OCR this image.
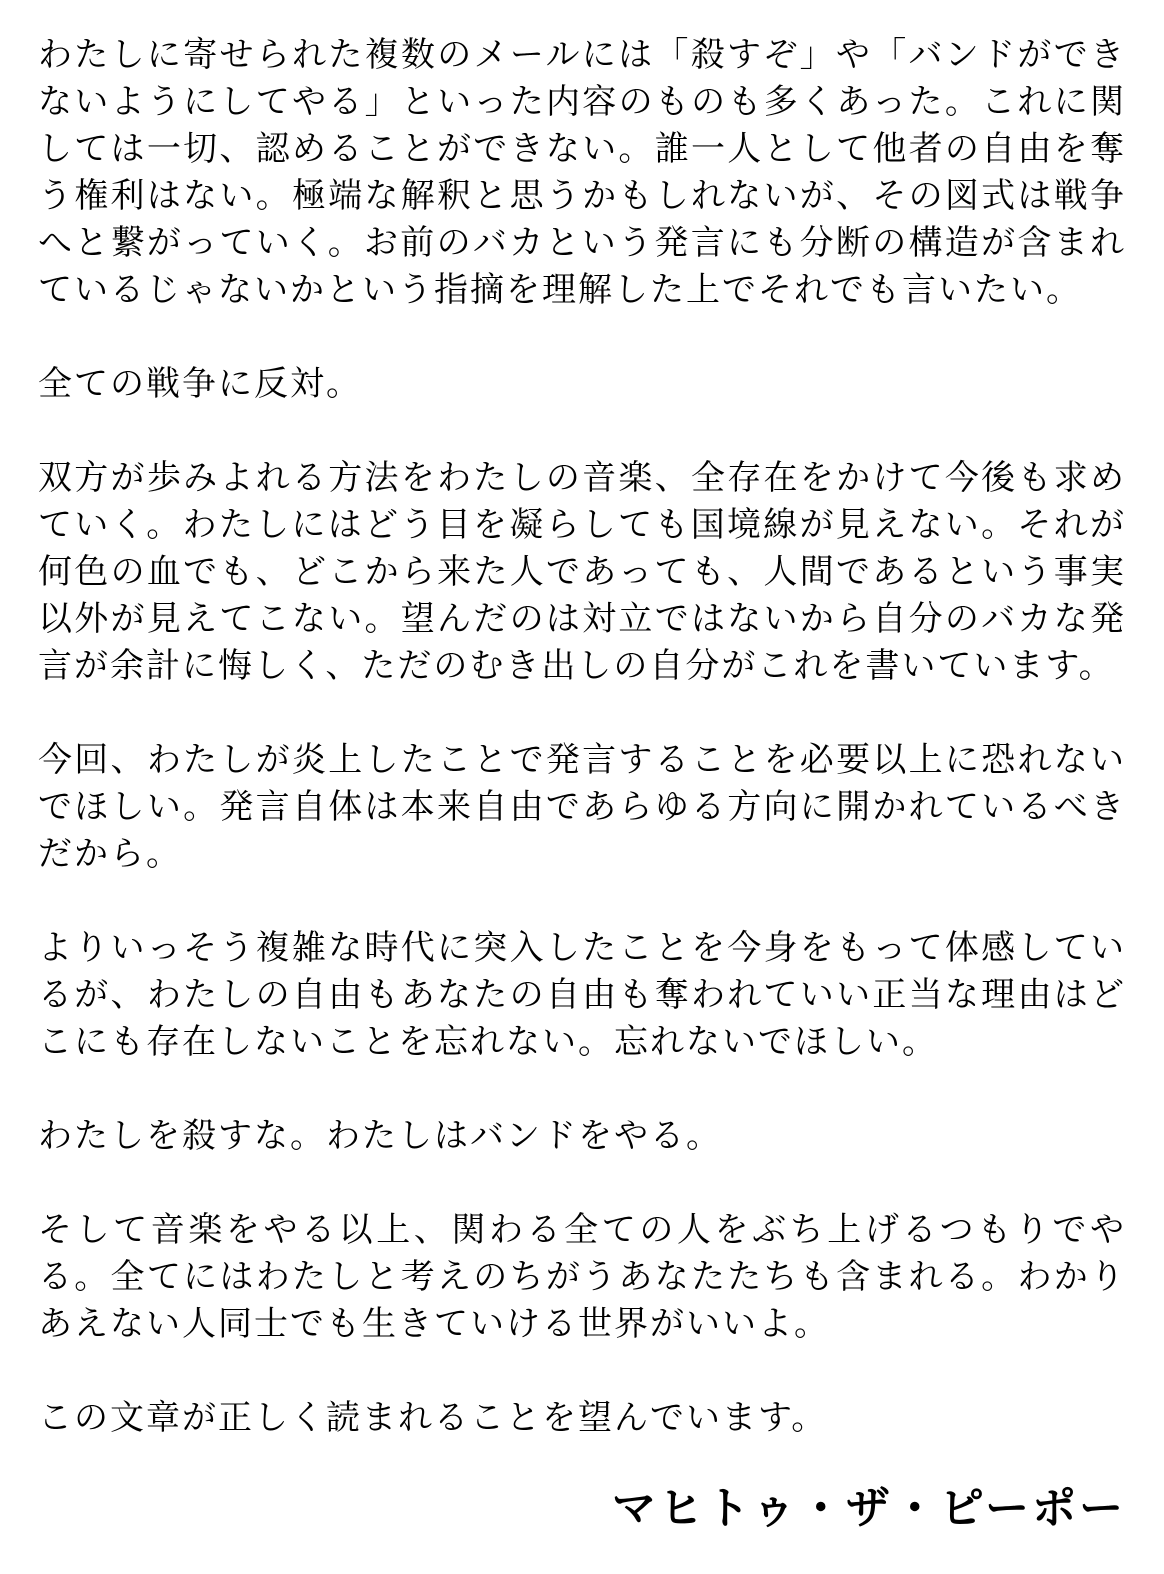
わたしに寄せられた複数のメールには「殺すぞ」や「バンドができないようにしてやる」といった内容のものも多くあった。これに関しては一切、認めることができない。誰一人として他者の自由を奪う権利はない。極端な解釈と思うかもしれないが、その図式は戦争へと繋がっていく。お前のバカという発言にも分断の構造が含まれているじゃないかという指摘を理解した上でそれでも言いたい。

全ての戦争に反対。

双方が歩みよれる方法をわたしの音楽、全存在をかけて今後も求めていく。わたしにはどう目を凝らしても国境線が見えない。それが何色の血でも、どこから来た人であっても、人間であるという事実以外が見えてこない。望んだのは対立ではないから自分のバカな発言が余計に悔しく、ただのむき出しの自分がこれを書いています。

今回、わたしが炎上したことで発言することを必要以上に恐れないでほしい。発言自体は本来自由であらゆる方向に開かれているべきだから。

よりいっそう複雑な時代に突入したことを今身をもって体感しているが、わたしの自由もあなたの自由も奪われていい正当な理由はどこにも存在しないことを忘れない。忘れないでほしい。

わたしを殺すな。わたしはバンドをやる。

そして音楽をやる以上、関わる全ての人をぶち上げるつもりでやる。全てにはわたしと考えのちがうあなたたちも含まれる。わかりあえない人同士でも生きていける世界がいいよ。

この文章が正しく読まれることを望んでいます。

マヒトゥ・ザ・ピーポー
